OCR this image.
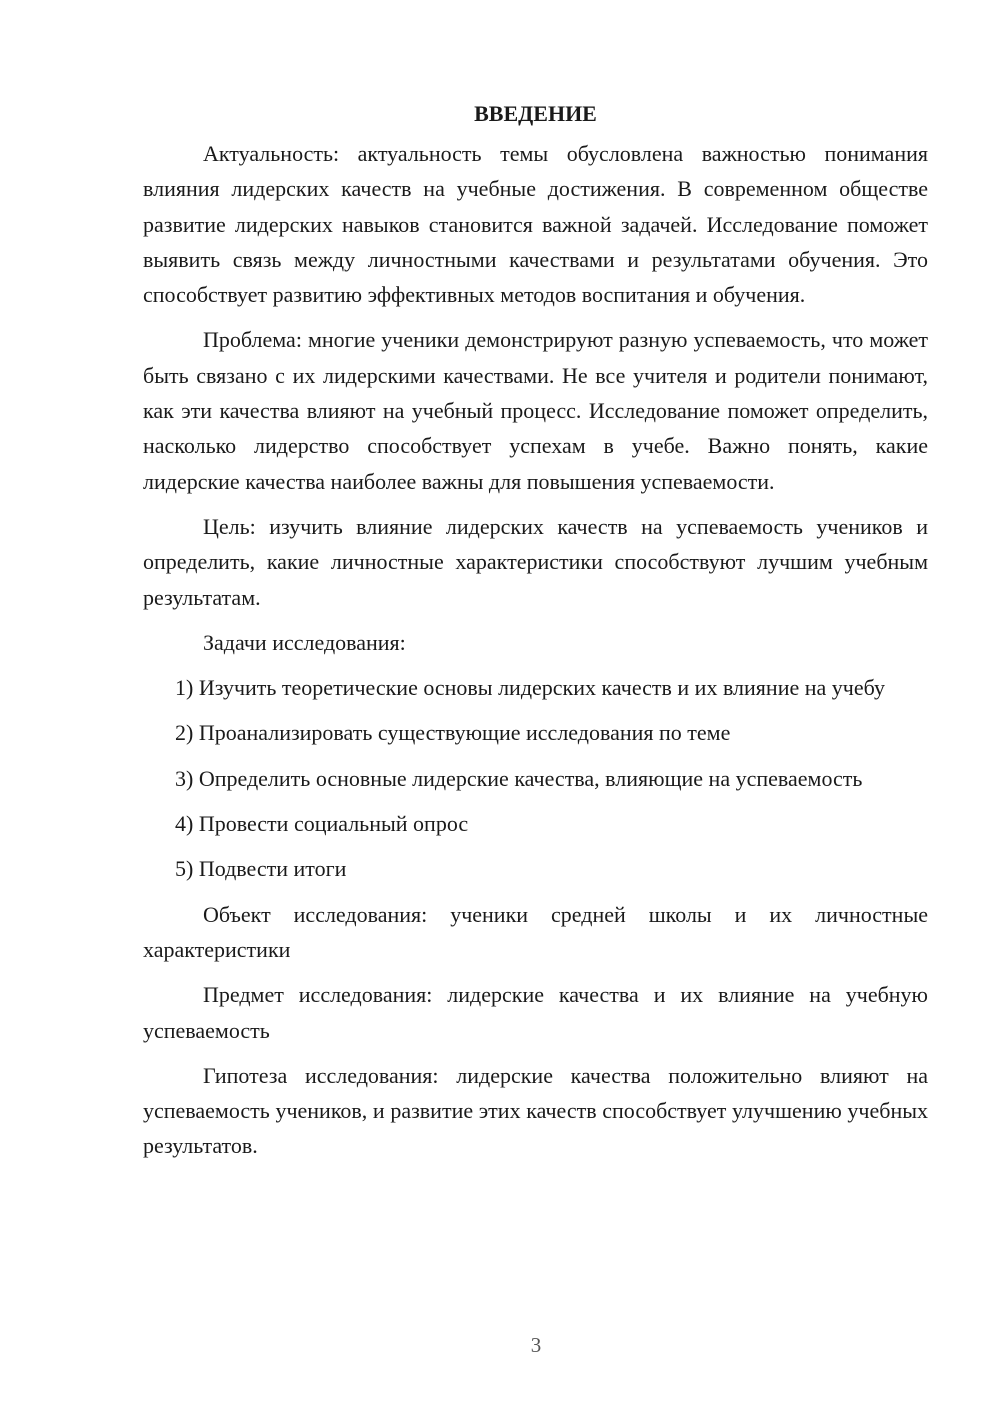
ВВЕДЕНИЕ

Актуальность: актуальность темы обусловлена важностью понимания влияния лидерских качеств на учебные достижения. В современном обществе развитие лидерских навыков становится важной задачей. Исследование поможет выявить связь между личностными качествами и результатами обучения. Это способствует развитию эффективных методов воспитания и обучения.

Проблема: многие ученики демонстрируют разную успеваемость, что может быть связано с их лидерскими качествами. Не все учителя и родители понимают, как эти качества влияют на учебный процесс. Исследование поможет определить, насколько лидерство способствует успехам в учебе. Важно понять, какие лидерские качества наиболее важны для повышения успеваемости.

Цель: изучить влияние лидерских качеств на успеваемость учеников и определить, какие личностные характеристики способствуют лучшим учебным результатам.

Задачи исследования:

1) Изучить теоретические основы лидерских качеств и их влияние на учебу

2) Проанализировать существующие исследования по теме

3) Определить основные лидерские качества, влияющие на успеваемость

4) Провести социальный опрос

5) Подвести итоги

Объект исследования: ученики средней школы и их личностные характеристики

Предмет исследования: лидерские качества и их влияние на учебную успеваемость

Гипотеза исследования: лидерские качества положительно влияют на успеваемость учеников, и развитие этих качеств способствует улучшению учебных результатов.

3
